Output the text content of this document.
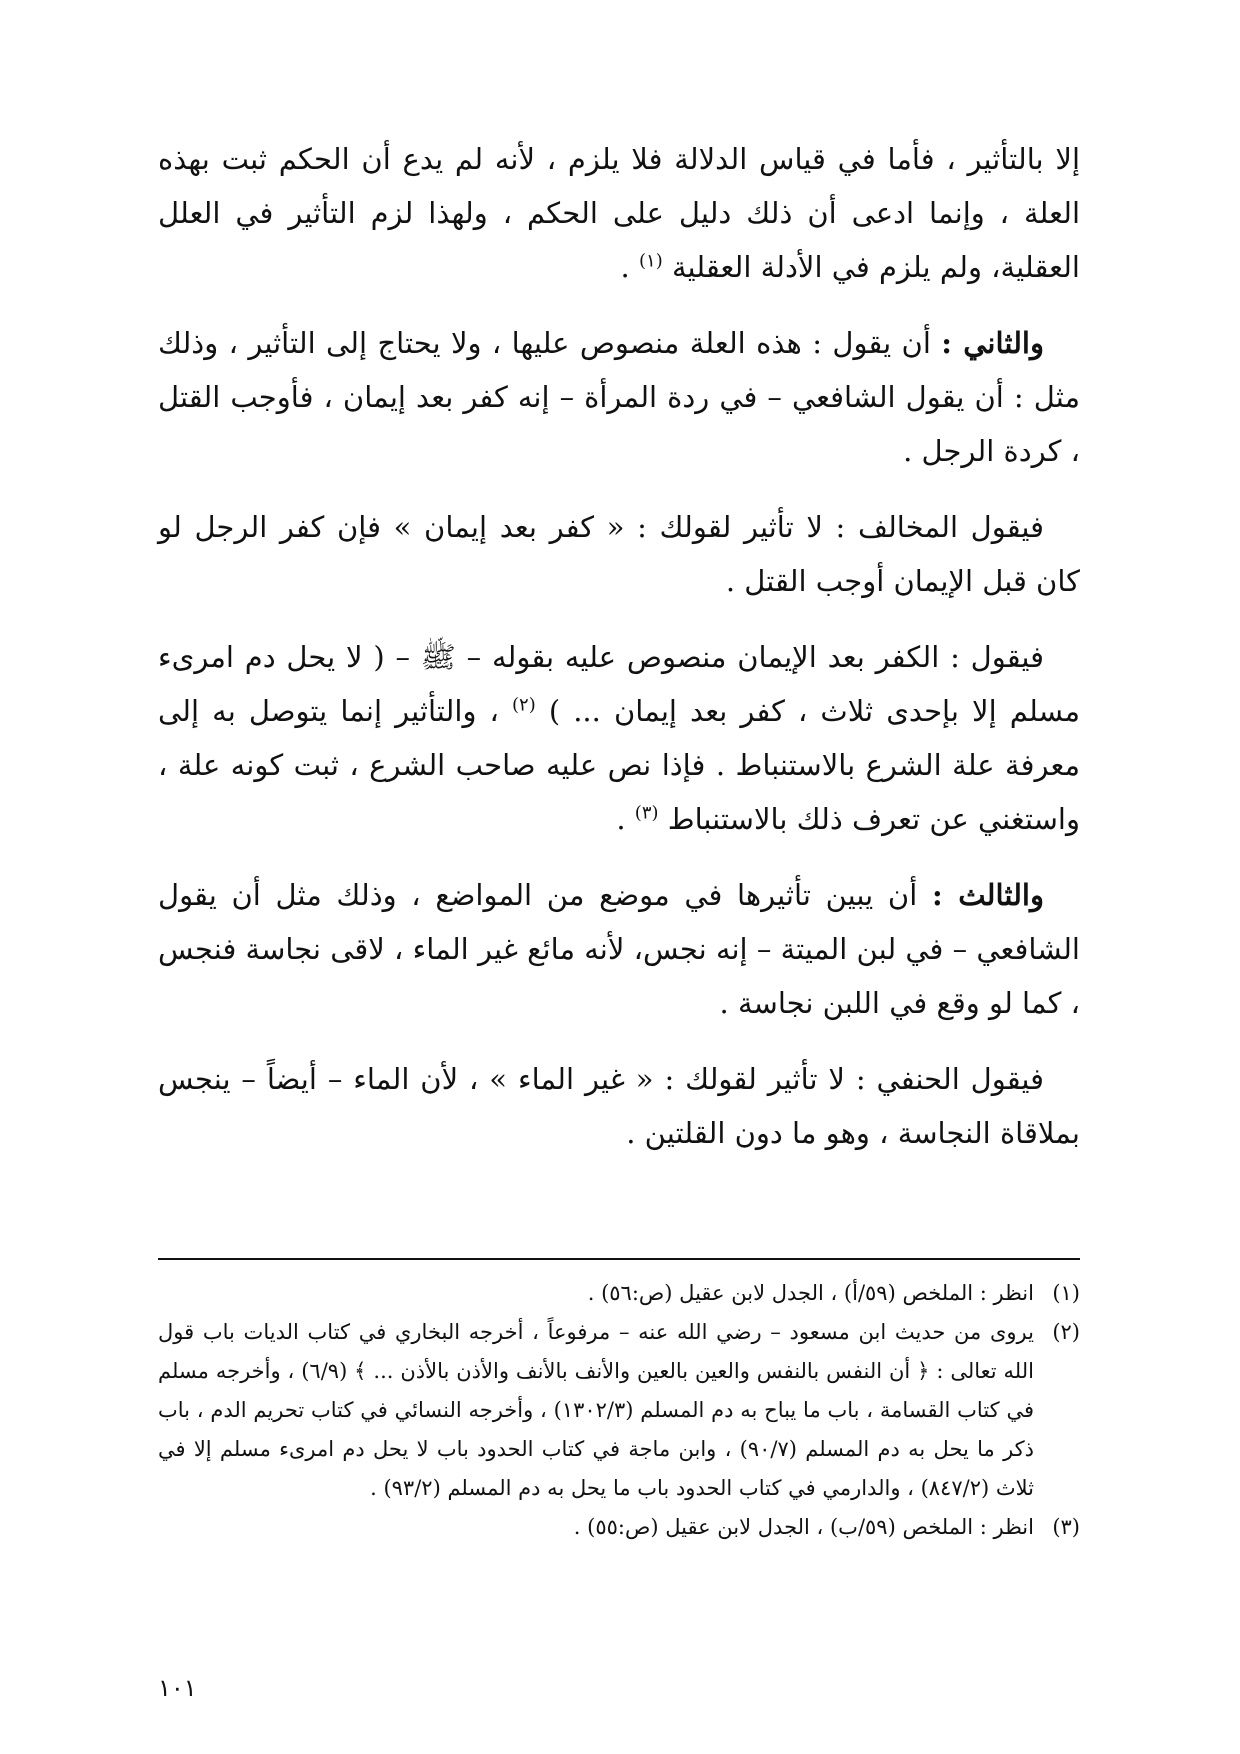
إلا بالتأثير ، فأما في قياس الدلالة فلا يلزم ، لأنه لم يدع أن الحكم ثبت بهذه العلة ، وإنما ادعى أن ذلك دليل على الحكم ، ولهذا لزم التأثير في العلل العقلية، ولم يلزم في الأدلة العقلية $^{(١)}$ .

والثاني : أن يقول : هذه العلة منصوص عليها ، ولا يحتاج إلى التأثير ، وذلك مثل : أن يقول الشافعي – في ردة المرأة – إنه كفر بعد إيمان ، فأوجب القتل ، كردة الرجل .

فيقول المخالف : لا تأثير لقولك : « كفر بعد إيمان » فإن كفر الرجل لو كان قبل الإيمان أوجب القتل .

فيقول : الكفر بعد الإيمان منصوص عليه بقوله – ﷺ – ( لا يحل دم امرىء مسلم إلا بإحدى ثلاث ، كفر بعد إيمان ... ) $^{(٢)}$ ، والتأثير إنما يتوصل به إلى معرفة علة الشرع بالاستنباط . فإذا نص عليه صاحب الشرع ، ثبت كونه علة ، واستغني عن تعرف ذلك بالاستنباط $^{(٣)}$ .

والثالث : أن يبين تأثيرها في موضع من المواضع ، وذلك مثل أن يقول الشافعي – في لبن الميتة – إنه نجس، لأنه مائع غير الماء ، لاقى نجاسة فنجس ، كما لو وقع في اللبن نجاسة .

فيقول الحنفي : لا تأثير لقولك : « غير الماء » ، لأن الماء – أيضاً – ينجس بملاقاة النجاسة ، وهو ما دون القلتين .

(١)
انظر : الملخص (٥٩/أ) ، الجدل لابن عقيل (ص:٥٦) .
(٢)
يروى من حديث ابن مسعود – رضي الله عنه – مرفوعاً ، أخرجه البخاري في كتاب الديات باب قول الله تعالى : ﴿ أن النفس بالنفس والعين بالعين والأنف بالأنف والأذن بالأذن ... ﴾ (٦/٩) ، وأخرجه مسلم في كتاب القسامة ، باب ما يباح به دم المسلم (١٣٠٢/٣) ، وأخرجه النسائي في كتاب تحريم الدم ، باب ذكر ما يحل به دم المسلم (٩٠/٧) ، وابن ماجة في كتاب الحدود باب لا يحل دم امرىء مسلم إلا في ثلاث (٨٤٧/٢) ، والدارمي في كتاب الحدود باب ما يحل به دم المسلم (٩٣/٢) .
(٣)
انظر : الملخص (٥٩/ب) ، الجدل لابن عقيل (ص:٥٥) .
١٠١
